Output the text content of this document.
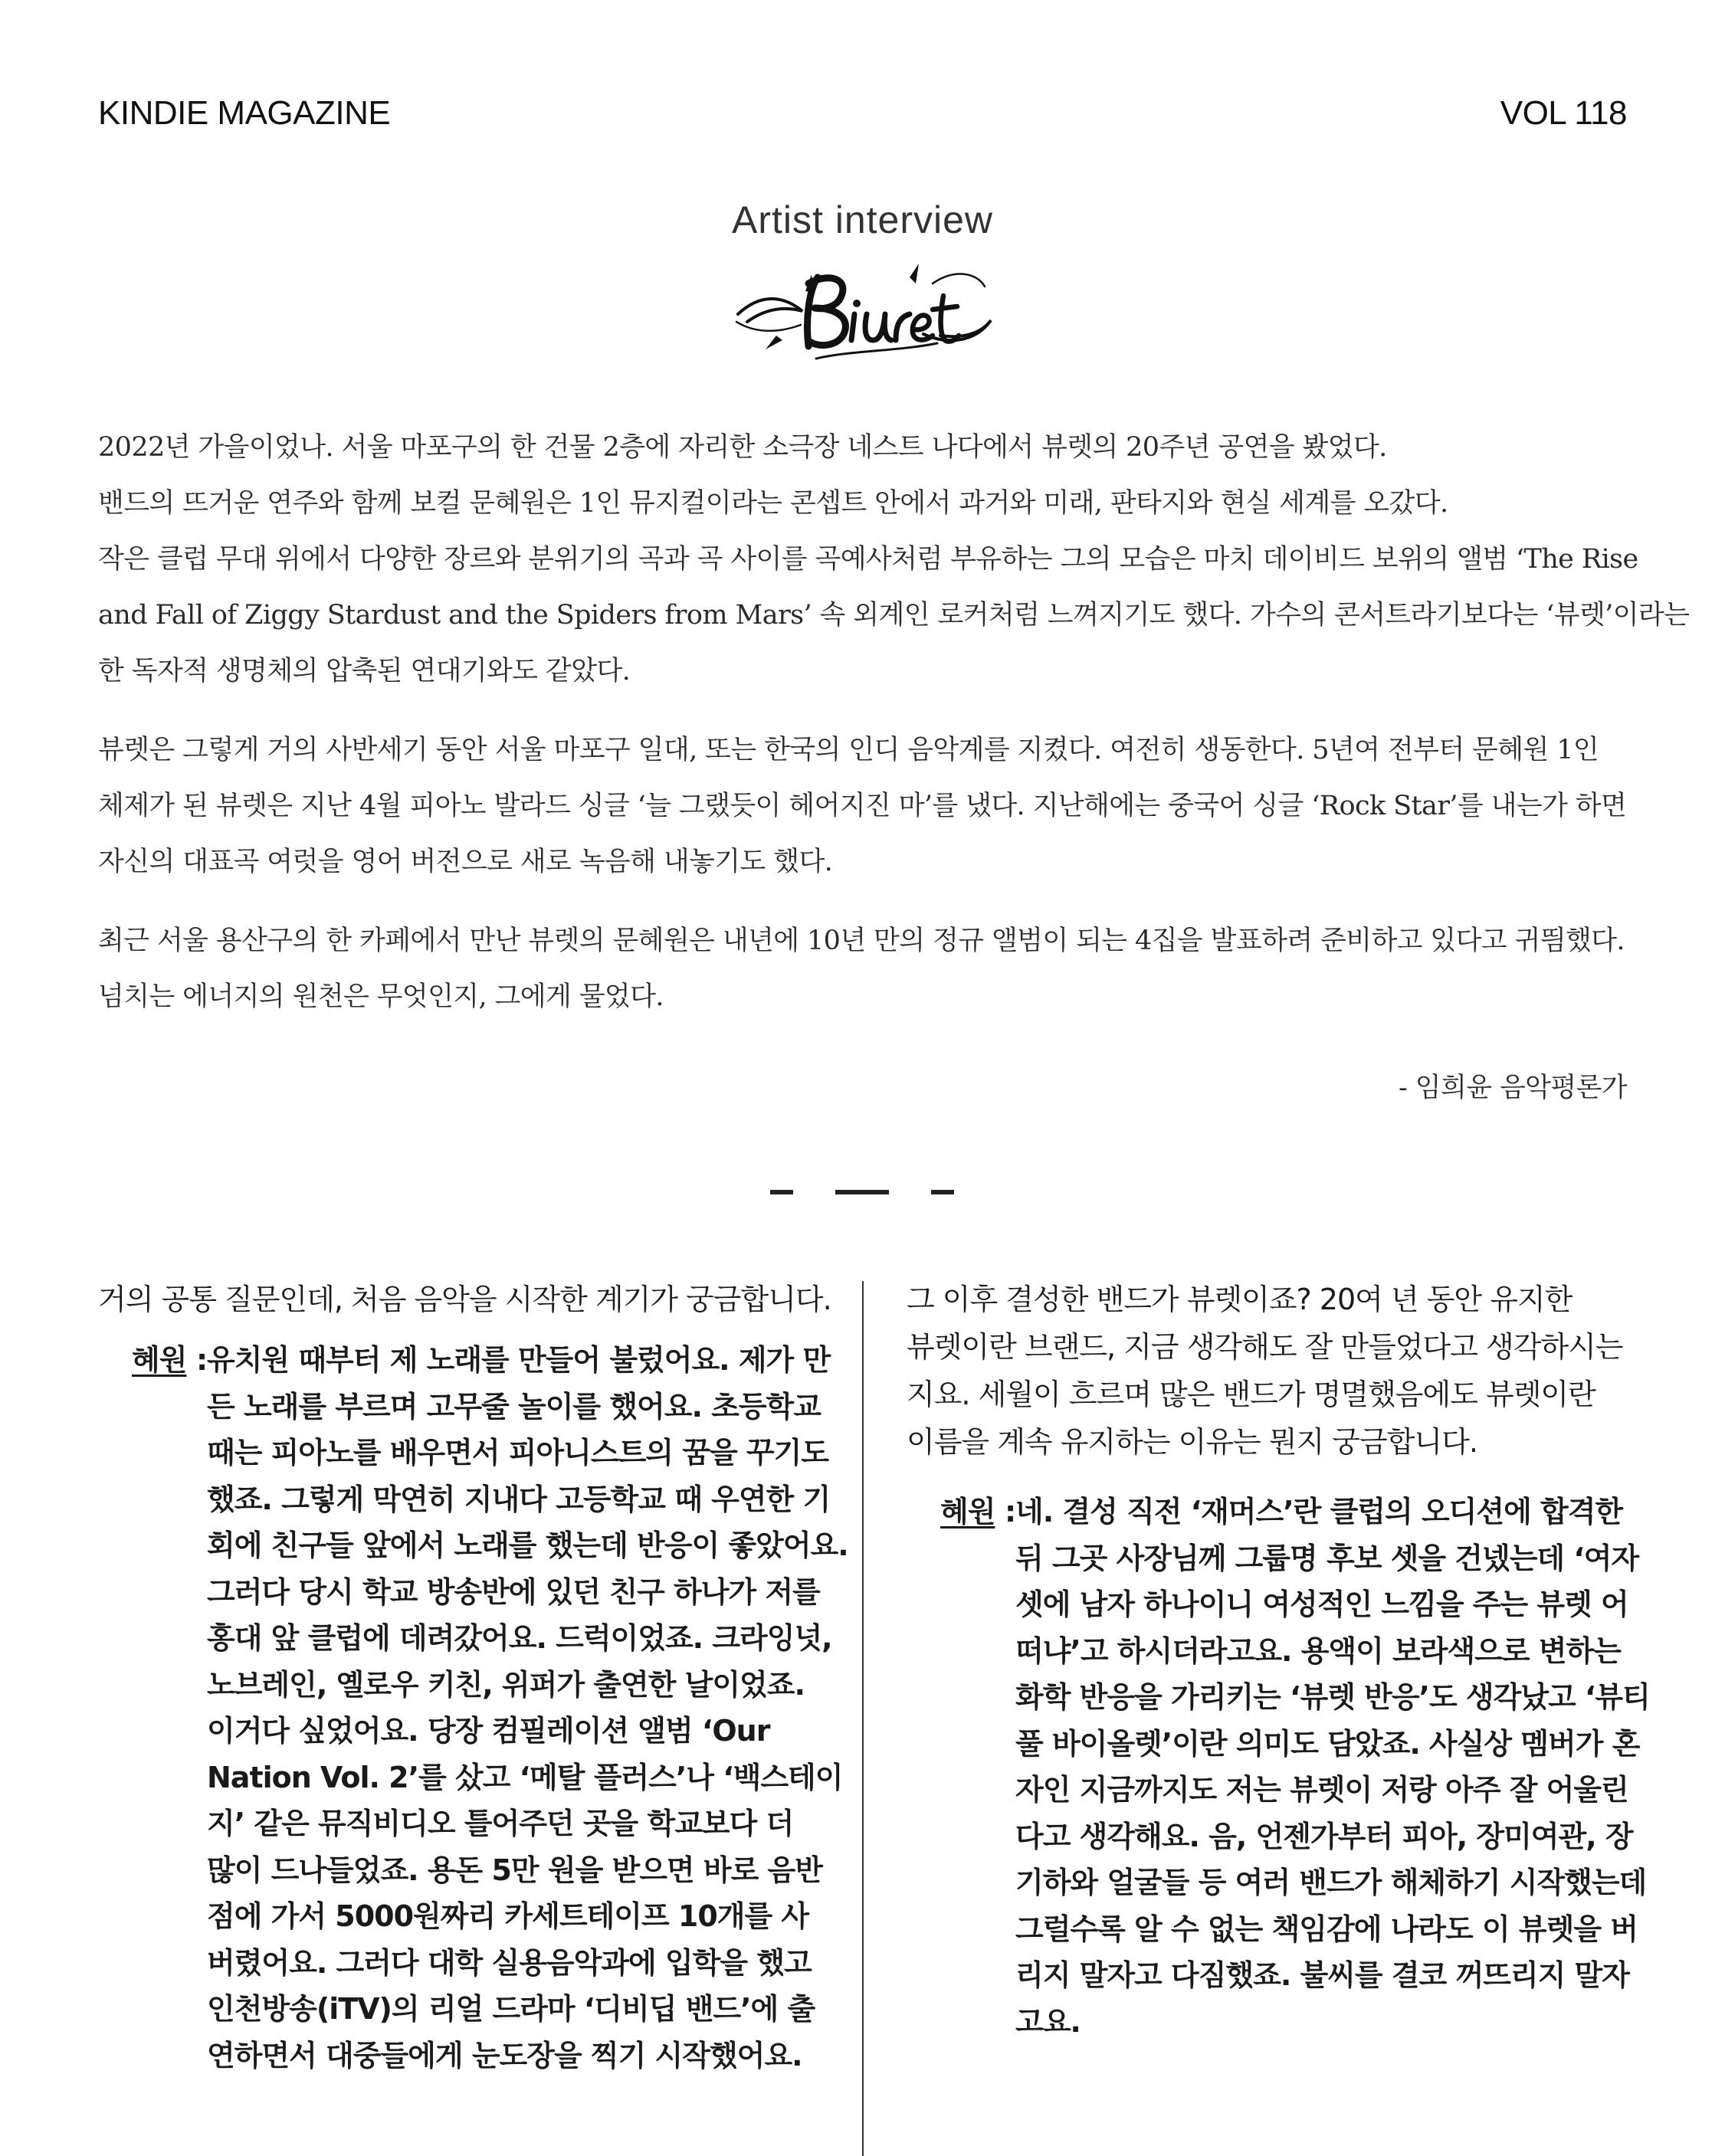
KINDIE MAGAZINE	VOL 118
Artist interview

2022년 가을이었나. 서울 마포구의 한 건물 2층에 자리한 소극장 네스트 나다에서 뷰렛의 20주년 공연을 봤었다.
밴드의 뜨거운 연주와 함께 보컬 문혜원은 1인 뮤지컬이라는 콘셉트 안에서 과거와 미래, 판타지와 현실 세계를 오갔다.
작은 클럽 무대 위에서 다양한 장르와 분위기의 곡과 곡 사이를 곡예사처럼 부유하는 그의 모습은 마치 데이비드 보위의 앨범 ‘The Rise
and Fall of Ziggy Stardust and the Spiders from Mars’ 속 외계인 로커처럼 느껴지기도 했다. 가수의 콘서트라기보다는 ‘뷰렛’이라는
한 독자적 생명체의 압축된 연대기와도 같았다.

뷰렛은 그렇게 거의 사반세기 동안 서울 마포구 일대, 또는 한국의 인디 음악계를 지켰다. 여전히 생동한다. 5년여 전부터 문혜원 1인
체제가 된 뷰렛은 지난 4월 피아노 발라드 싱글 ‘늘 그랬듯이 헤어지진 마’를 냈다. 지난해에는 중국어 싱글 ‘Rock Star’를 내는가 하면
자신의 대표곡 여럿을 영어 버전으로 새로 녹음해 내놓기도 했다.

최근 서울 용산구의 한 카페에서 만난 뷰렛의 문혜원은 내년에 10년 만의 정규 앨범이 되는 4집을 발표하려 준비하고 있다고 귀띔했다.
넘치는 에너지의 원천은 무엇인지, 그에게 물었다.

- 임희윤 음악평론가

거의 공통 질문인데, 처음 음악을 시작한 계기가 궁금합니다.

혜원 : 유치원 때부터 제 노래를 만들어 불렀어요. 제가 만
든 노래를 부르며 고무줄 놀이를 했어요. 초등학교
때는 피아노를 배우면서 피아니스트의 꿈을 꾸기도
했죠. 그렇게 막연히 지내다 고등학교 때 우연한 기
회에 친구들 앞에서 노래를 했는데 반응이 좋았어요.
그러다 당시 학교 방송반에 있던 친구 하나가 저를
홍대 앞 클럽에 데려갔어요. 드럭이었죠. 크라잉넛,
노브레인, 옐로우 키친, 위퍼가 출연한 날이었죠.
이거다 싶었어요. 당장 컴필레이션 앨범 ‘Our
Nation Vol. 2’를 샀고 ‘메탈 플러스’나 ‘백스테이
지’ 같은 뮤직비디오 틀어주던 곳을 학교보다 더
많이 드나들었죠. 용돈 5만 원을 받으면 바로 음반
점에 가서 5000원짜리 카세트테이프 10개를 사
버렸어요. 그러다 대학 실용음악과에 입학을 했고
인천방송(iTV)의 리얼 드라마 ‘디비딥 밴드’에 출
연하면서 대중들에게 눈도장을 찍기 시작했어요.

그 이후 결성한 밴드가 뷰렛이죠? 20여 년 동안 유지한
뷰렛이란 브랜드, 지금 생각해도 잘 만들었다고 생각하시는
지요. 세월이 흐르며 많은 밴드가 명멸했음에도 뷰렛이란
이름을 계속 유지하는 이유는 뭔지 궁금합니다.

혜원 : 네. 결성 직전 ‘재머스’란 클럽의 오디션에 합격한
뒤 그곳 사장님께 그룹명 후보 셋을 건넸는데 ‘여자
셋에 남자 하나이니 여성적인 느낌을 주는 뷰렛 어
떠냐’고 하시더라고요. 용액이 보라색으로 변하는
화학 반응을 가리키는 ‘뷰렛 반응’도 생각났고 ‘뷰티
풀 바이올렛’이란 의미도 담았죠. 사실상 멤버가 혼
자인 지금까지도 저는 뷰렛이 저랑 아주 잘 어울린
다고 생각해요. 음, 언젠가부터 피아, 장미여관, 장
기하와 얼굴들 등 여러 밴드가 해체하기 시작했는데
그럴수록 알 수 없는 책임감에 나라도 이 뷰렛을 버
리지 말자고 다짐했죠. 불씨를 결코 꺼뜨리지 말자
고요.
